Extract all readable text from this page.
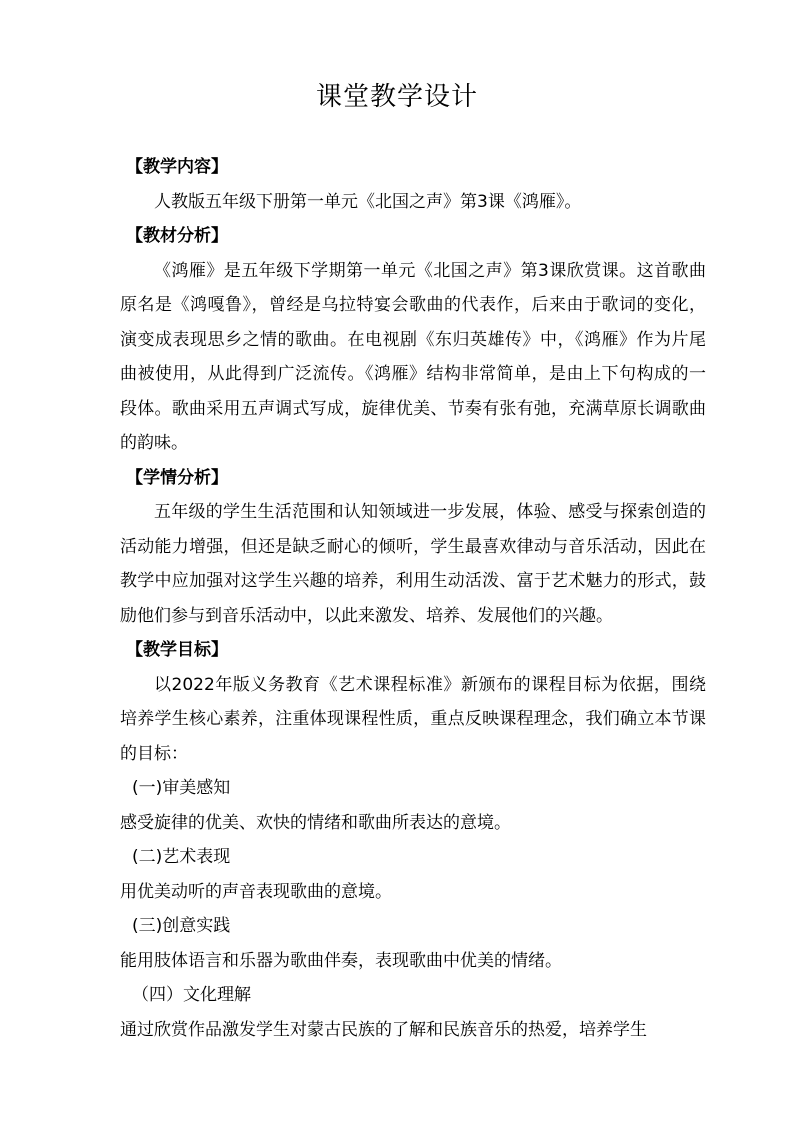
课堂教学设计

【教学内容】

人教版五年级下册第一单元《北国之声》第3课《鸿雁》。

【教材分析】

《鸿雁》是五年级下学期第一单元《北国之声》第3课欣赏课。这首歌曲原名是《鸿嘎鲁》，曾经是乌拉特宴会歌曲的代表作，后来由于歌词的变化，演变成表现思乡之情的歌曲。在电视剧《东归英雄传》中，《鸿雁》作为片尾曲被使用，从此得到广泛流传。《鸿雁》结构非常简单，是由上下句构成的一段体。歌曲采用五声调式写成，旋律优美、节奏有张有弛，充满草原长调歌曲的韵味。

【学情分析】

五年级的学生生活范围和认知领域进一步发展，体验、感受与探索创造的活动能力增强，但还是缺乏耐心的倾听，学生最喜欢律动与音乐活动，因此在教学中应加强对这学生兴趣的培养，利用生动活泼、富于艺术魅力的形式，鼓励他们参与到音乐活动中，以此来激发、培养、发展他们的兴趣。

【教学目标】

以2022年版义务教育《艺术课程标准》新颁布的课程目标为依据，围绕培养学生核心素养，注重体现课程性质，重点反映课程理念，我们确立本节课的目标：

(一)审美感知

感受旋律的优美、欢快的情绪和歌曲所表达的意境。

(二)艺术表现

用优美动听的声音表现歌曲的意境。

(三)创意实践

能用肢体语言和乐器为歌曲伴奏，表现歌曲中优美的情绪。

（四）文化理解

通过欣赏作品激发学生对蒙古民族的了解和民族音乐的热爱，培养学生
